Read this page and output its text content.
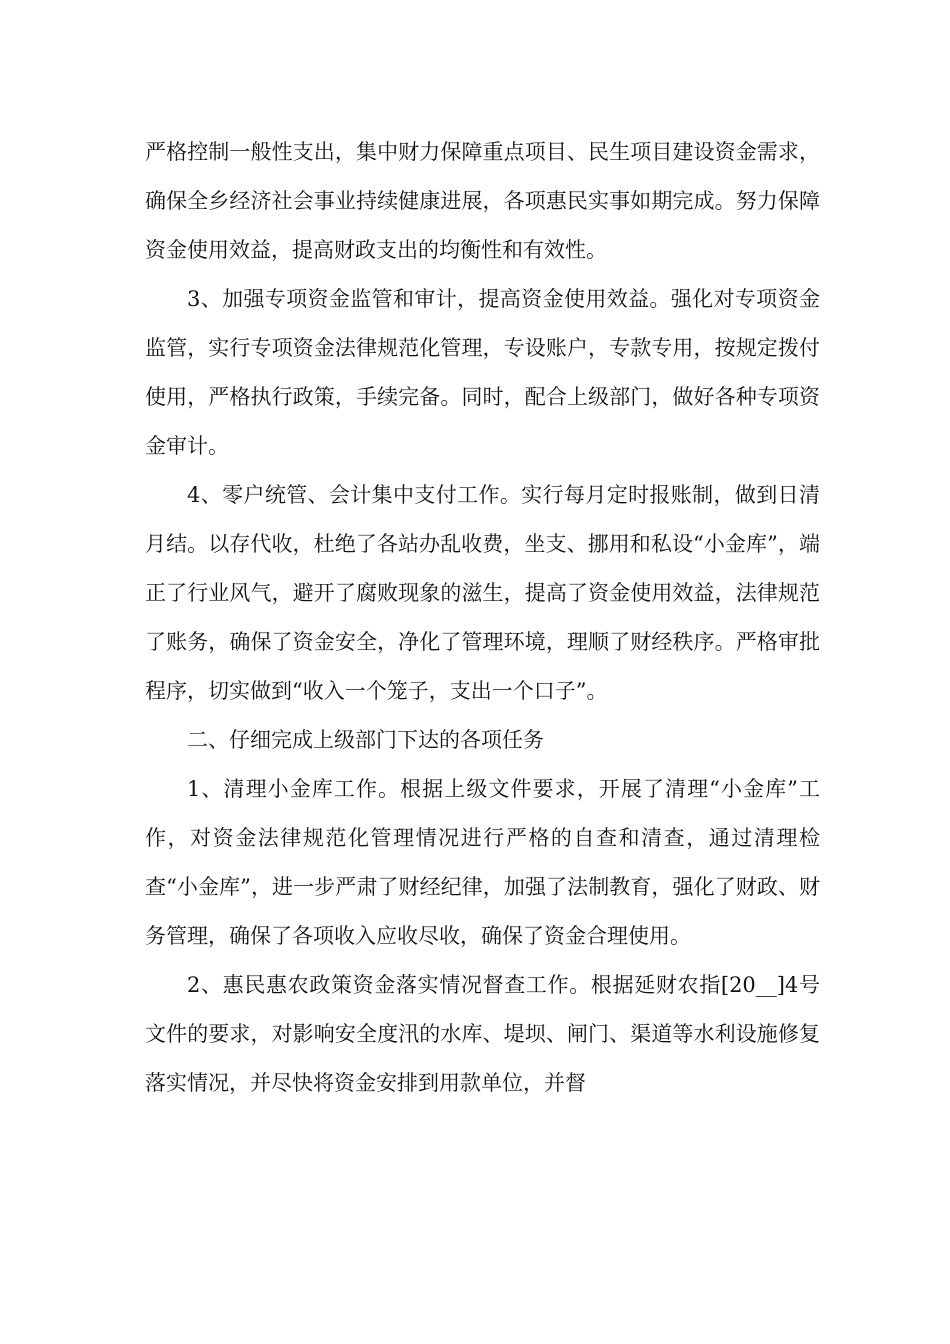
严格控制一般性支出，集中财力保障重点项目、民生项目建设资金需求，确保全乡经济社会事业持续健康进展，各项惠民实事如期完成。努力保障资金使用效益，提高财政支出的均衡性和有效性。

3、加强专项资金监管和审计，提高资金使用效益。强化对专项资金监管，实行专项资金法律规范化管理，专设账户，专款专用，按规定拨付使用，严格执行政策，手续完备。同时，配合上级部门，做好各种专项资金审计。

4、零户统管、会计集中支付工作。实行每月定时报账制，做到日清月结。以存代收，杜绝了各站办乱收费，坐支、挪用和私设“小金库”，端正了行业风气，避开了腐败现象的滋生，提高了资金使用效益，法律规范了账务，确保了资金安全，净化了管理环境，理顺了财经秩序。严格审批程序，切实做到“收入一个笼子，支出一个口子”。

二、仔细完成上级部门下达的各项任务

1、清理小金库工作。根据上级文件要求，开展了清理“小金库”工作，对资金法律规范化管理情况进行严格的自查和清查，通过清理检查“小金库”，进一步严肃了财经纪律，加强了法制教育，强化了财政、财务管理，确保了各项收入应收尽收，确保了资金合理使用。

2、惠民惠农政策资金落实情况督查工作。根据延财农指[20__]4号文件的要求，对影响安全度汛的水库、堤坝、闸门、渠道等水利设施修复落实情况，并尽快将资金安排到用款单位，并督
